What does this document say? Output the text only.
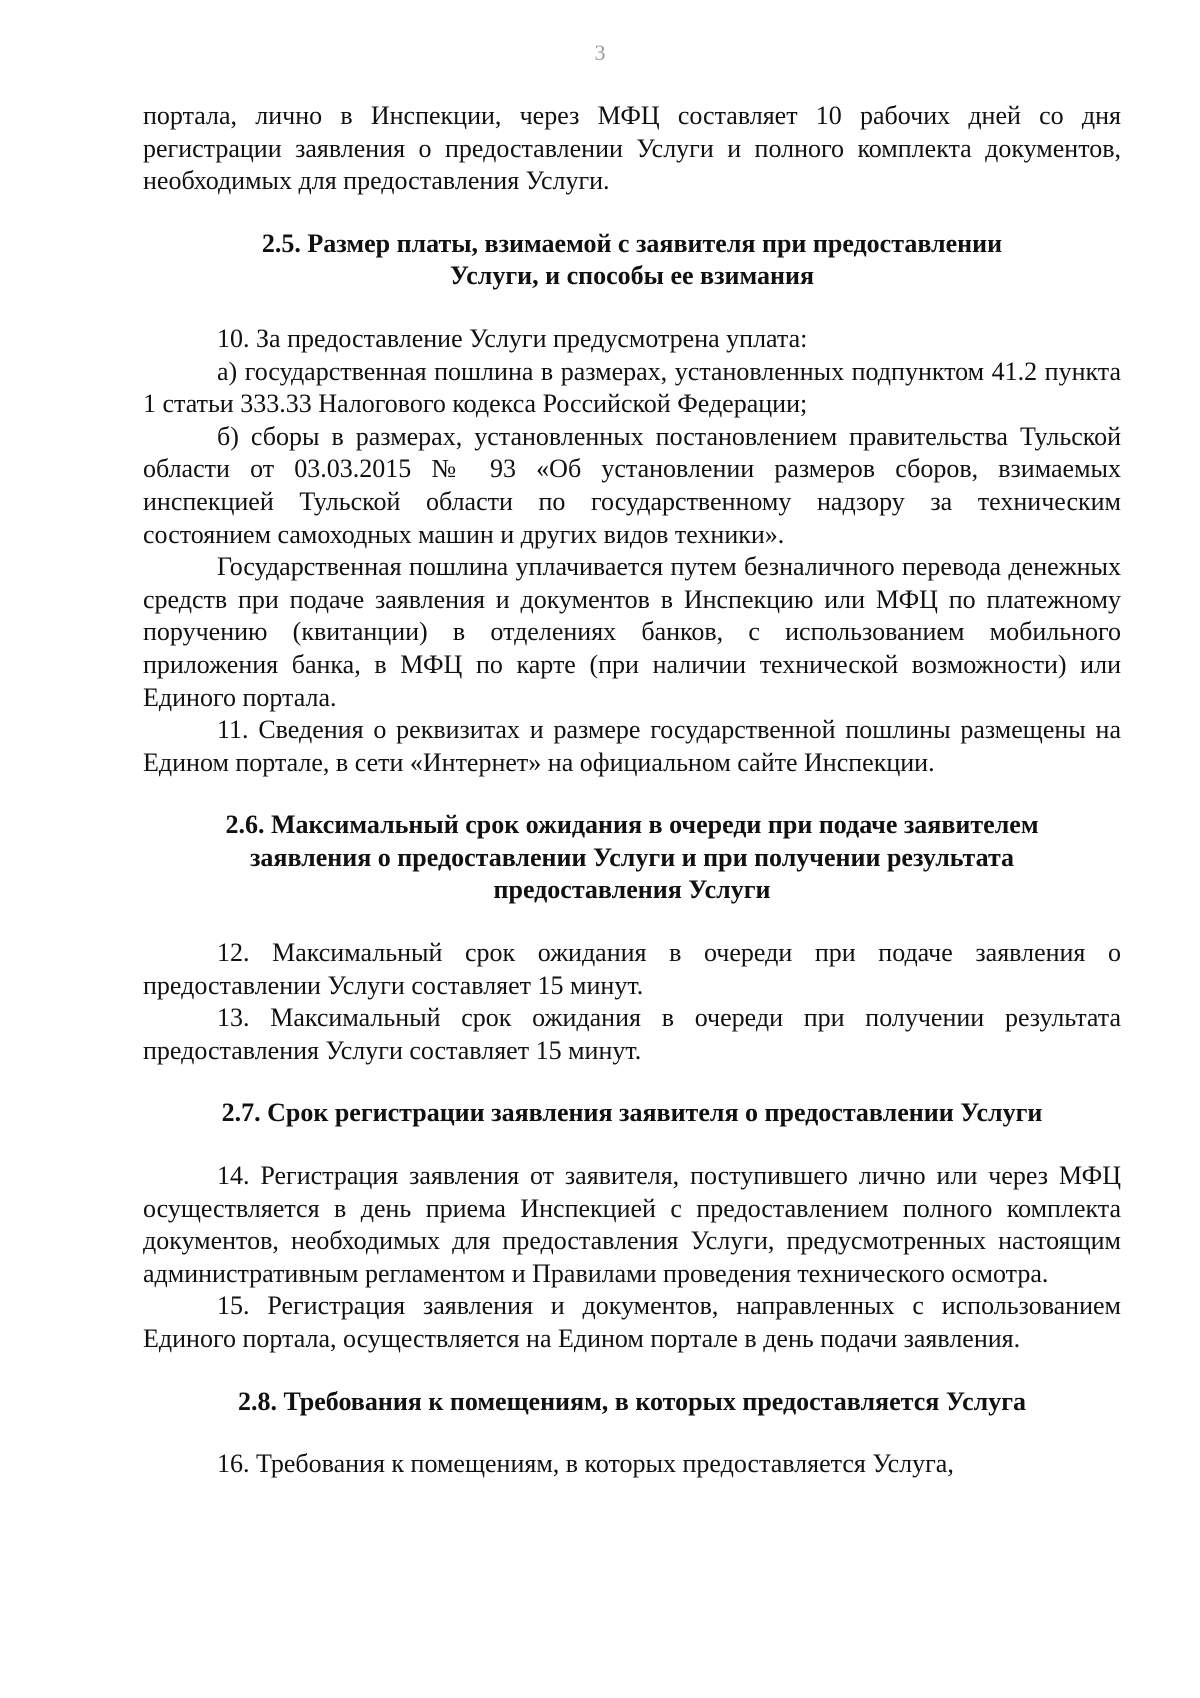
3

портала, лично в Инспекции, через МФЦ составляет 10 рабочих дней со дня регистрации заявления о предоставлении Услуги и полного комплекта документов, необходимых для предоставления Услуги.

2.5. Размер платы, взимаемой с заявителя при предоставлении

Услуги, и способы ее взимания

10. За предоставление Услуги предусмотрена уплата:

а) государственная пошлина в размерах, установленных подпунктом 41.2 пункта 1 статьи 333.33 Налогового кодекса Российской Федерации;

б) сборы в размерах, установленных постановлением правительства Тульской области от 03.03.2015 № 93 «Об установлении размеров сборов, взимаемых инспекцией Тульской области по государственному надзору за техническим состоянием самоходных машин и других видов техники».

Государственная пошлина уплачивается путем безналичного перевода денежных средств при подаче заявления и документов в Инспекцию или МФЦ по платежному поручению (квитанции) в отделениях банков, с использованием мобильного приложения банка, в МФЦ по карте (при наличии технической возможности) или Единого портала.

11. Сведения о реквизитах и размере государственной пошлины размещены на Едином портале, в сети «Интернет» на официальном сайте Инспекции.

2.6. Максимальный срок ожидания в очереди при подаче заявителем

заявления о предоставлении Услуги и при получении результата

предоставления Услуги

12. Максимальный срок ожидания в очереди при подаче заявления о предоставлении Услуги составляет 15 минут.

13. Максимальный срок ожидания в очереди при получении результата предоставления Услуги составляет 15 минут.

2.7. Срок регистрации заявления заявителя о предоставлении Услуги

14. Регистрация заявления от заявителя, поступившего лично или через МФЦ осуществляется в день приема Инспекцией с предоставлением полного комплекта документов, необходимых для предоставления Услуги, предусмотренных настоящим административным регламентом и Правилами проведения технического осмотра.

15. Регистрация заявления и документов, направленных с использованием Единого портала, осуществляется на Едином портале в день подачи заявления.

2.8. Требования к помещениям, в которых предоставляется Услуга

16. Требования к помещениям, в которых предоставляется Услуга,
